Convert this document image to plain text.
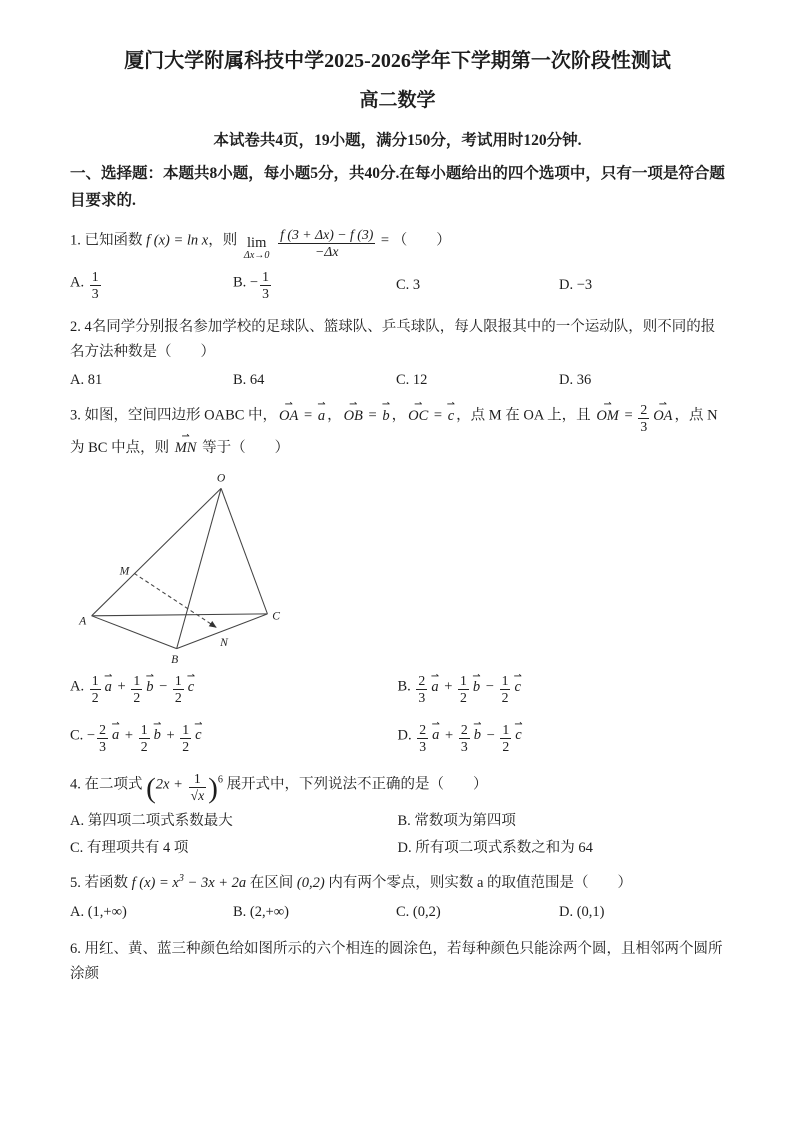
厦门大学附属科技中学2025-2026学年下学期第一次阶段性测试
高二数学
本试卷共4页，19小题，满分150分，考试用时120分钟.
一、选择题：本题共8小题，每小题5分，共40分.在每小题给出的四个选项中，只有一项是符合题目要求的.
1. 已知函数 f (x) = ln x，则 lim
Δx→0
$\frac{f (3 + \Delta x) - f (3)}{-\Delta x}$ = （　　）
A. $\frac{1}{3}$	B. − $\frac{1}{3}$	C. 3	D. −3
2. 4名同学分别报名参加学校的足球队、篮球队、乒乓球队，每人限报其中的一个运动队，则不同的报名方法种数是（　　）
A. 81	B. 64	C. 12	D. 36
3. 如图，空间四边形 OABC 中， OA ⇀ = a ⇀ ， OB ⇀ = b ⇀ ， OC ⇀ = c ⇀ ，点 M 在 OA 上，且 OM ⇀ = $\frac{2}{3}$ OA ⇀ ，点 N 为 BC 中点，则 MN ⇀ 等于（　　）
O
A
B
C
M
N
A. $\frac{1}{2}$ a ⇀ + $\frac{1}{2}$ b ⇀ − $\frac{1}{2}$ c ⇀	B. $\frac{2}{3}$ a ⇀ + $\frac{1}{2}$ b ⇀ − $\frac{1}{2}$ c ⇀
C. − $\frac{2}{3}$ a ⇀ + $\frac{1}{2}$ b ⇀ + $\frac{1}{2}$ c ⇀	D. $\frac{2}{3}$ a ⇀ + $\frac{2}{3}$ b ⇀ − $\frac{1}{2}$ c ⇀
4. 在二项式 $(2x + \frac{1}{√x} )^6$ 展开式中，下列说法不正确的是（　　）
A. 第四项二项式系数最大	B. 常数项为第四项
C. 有理项共有 4 项	D. 所有项二项式系数之和为 64
5. 若函数 f $(x) = x^3 - 3x + 2a$ 在区间 (0,2) 内有两个零点，则实数 a 的取值范围是（　　）
A. (1,+∞)	B. (2,+∞)	C. (0,2)	D. (0,1)
6. 用红、黄、蓝三种颜色给如图所示的六个相连的圆涂色，若每种颜色只能涂两个圆，且相邻两个圆所涂颜
